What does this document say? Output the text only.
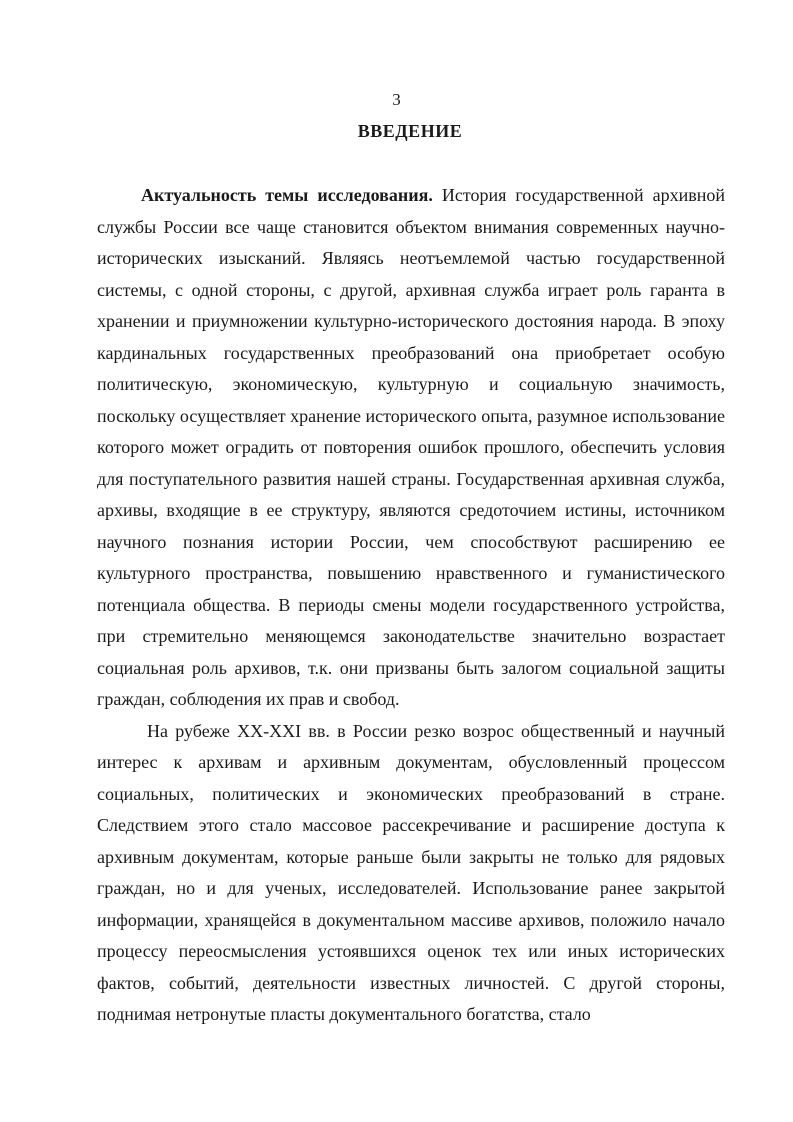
3
ВВЕДЕНИЕ

Актуальность темы исследования. История государственной архивной службы России все чаще становится объектом внимания современных научно-исторических изысканий. Являясь неотъемлемой частью государственной системы, с одной стороны, с другой, архивная служба играет роль гаранта в хранении и приумножении культурно-исторического достояния народа. В эпоху кардинальных государственных преобразований она приобретает особую политическую, экономическую, культурную и социальную значимость, поскольку осуществляет хранение исторического опыта, разумное использование которого может оградить от повторения ошибок прошлого, обеспечить условия для поступательного развития нашей страны. Государственная архивная служба, архивы, входящие в ее структуру, являются средоточием истины, источником научного познания истории России, чем способствуют расширению ее культурного пространства, повышению нравственного и гуманистического потенциала общества. В периоды смены модели государственного устройства, при стремительно меняющемся законодательстве значительно возрастает социальная роль архивов, т.к. они призваны быть залогом социальной защиты граждан, соблюдения их прав и свобод.

На рубеже XX-XXI вв. в России резко возрос общественный и научный интерес к архивам и архивным документам, обусловленный процессом социальных, политических и экономических преобразований в стране. Следствием этого стало массовое рассекречивание и расширение доступа к архивным документам, которые раньше были закрыты не только для рядовых граждан, но и для ученых, исследователей. Использование ранее закрытой информации, хранящейся в документальном массиве архивов, положило начало процессу переосмысления устоявшихся оценок тех или иных исторических фактов, событий, деятельности известных личностей. С другой стороны, поднимая нетронутые пласты документального богатства, стало
